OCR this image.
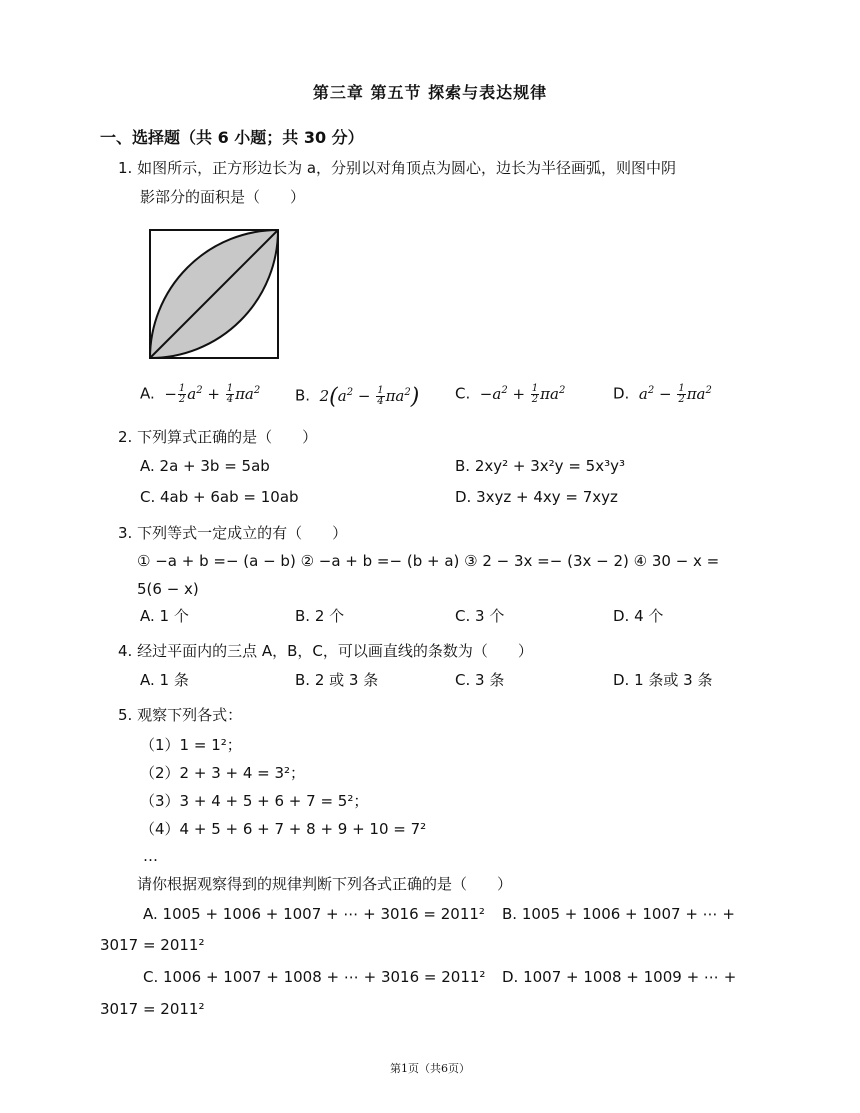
第三章 第五节 探索与表达规律
一、选择题（共 6 小题；共 30 分）
1. 如图所示，正方形边长为 a，分别以对角顶点为圆心，边长为半径画弧，则图中阴
影部分的面积是（　　）
A.  − $\frac{1}{2} a^2 + \frac{1}{4} \pi a^2$ B.  $2(a^2 - \frac{1}{4} \pi a^2)$ C.  $-a^2 + \frac{1}{2} \pi a^2$	D.  $a^2 - \frac{1}{2} \pi a^2$
2. 下列算式正确的是（　　）
A. 2a + 3b = 5ab	B. 2xy² + 3x²y = 5x³y³
C. 4ab + 6ab = 10ab	D. 3xyz + 4xy = 7xyz
3. 下列等式一定成立的有（　　）
① −a + b =− (a − b) ② −a + b =− (b + a) ③ 2 − 3x =− (3x − 2) ④ 30 − x =
5(6 − x)
A. 1 个	B. 2 个	C. 3 个	D. 4 个
4. 经过平面内的三点 A，B，C，可以画直线的条数为（　　）
A. 1 条	B. 2 或 3 条	C. 3 条	D. 1 条或 3 条
5. 观察下列各式：
（1）1 = 1²；
（2）2 + 3 + 4 = 3²；
（3）3 + 4 + 5 + 6 + 7 = 5²；
（4）4 + 5 + 6 + 7 + 8 + 9 + 10 = 7²
…
请你根据观察得到的规律判断下列各式正确的是（　　）
A. 1005 + 1006 + 1007 + ⋯ + 3016 = 2011² B. 1005 + 1006 + 1007 + ⋯ +
3017 = 2011²
C. 1006 + 1007 + 1008 + ⋯ + 3016 = 2011² D. 1007 + 1008 + 1009 + ⋯ +
3017 = 2011²
第1页（共6页）
